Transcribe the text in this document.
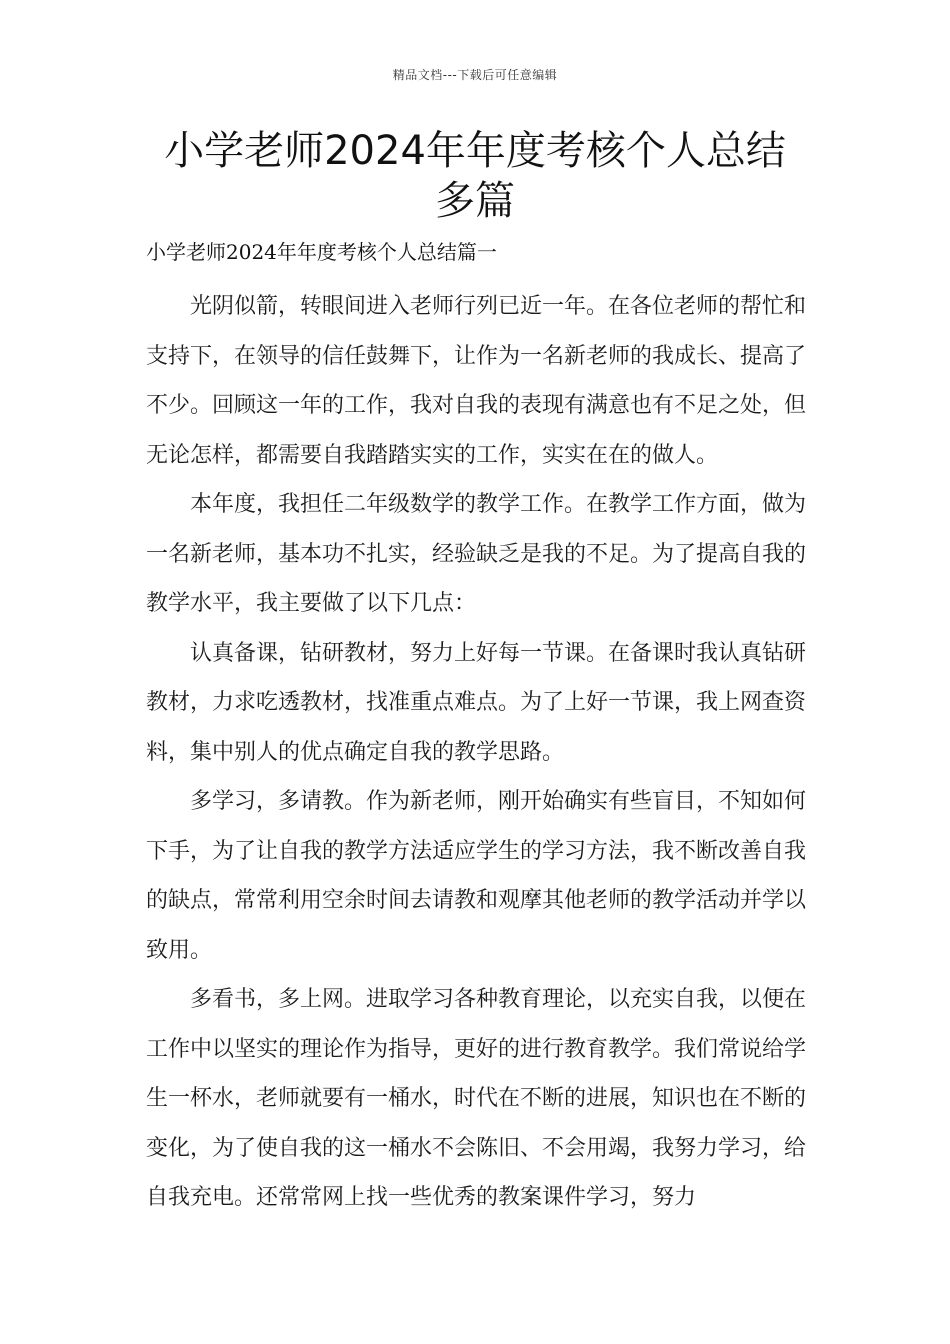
精品文档---下载后可任意编辑
小学老师2024年年度考核个人总结多篇
小学老师2024年年度考核个人总结篇一

光阴似箭，转眼间进入老师行列已近一年。在各位老师的帮忙和支持下，在领导的信任鼓舞下，让作为一名新老师的我成长、提高了不少。回顾这一年的工作，我对自我的表现有满意也有不足之处，但无论怎样，都需要自我踏踏实实的工作，实实在在的做人。

本年度，我担任二年级数学的教学工作。在教学工作方面，做为一名新老师，基本功不扎实，经验缺乏是我的不足。为了提高自我的教学水平，我主要做了以下几点：

认真备课，钻研教材，努力上好每一节课。在备课时我认真钻研教材，力求吃透教材，找准重点难点。为了上好一节课，我上网查资料，集中别人的优点确定自我的教学思路。

多学习，多请教。作为新老师，刚开始确实有些盲目，不知如何下手，为了让自我的教学方法适应学生的学习方法，我不断改善自我的缺点，常常利用空余时间去请教和观摩其他老师的教学活动并学以致用。

多看书，多上网。进取学习各种教育理论，以充实自我，以便在工作中以坚实的理论作为指导，更好的进行教育教学。我们常说给学生一杯水，老师就要有一桶水，时代在不断的进展，知识也在不断的变化，为了使自我的这一桶水不会陈旧、不会用竭，我努力学习，给自我充电。还常常网上找一些优秀的教案课件学习，努力
